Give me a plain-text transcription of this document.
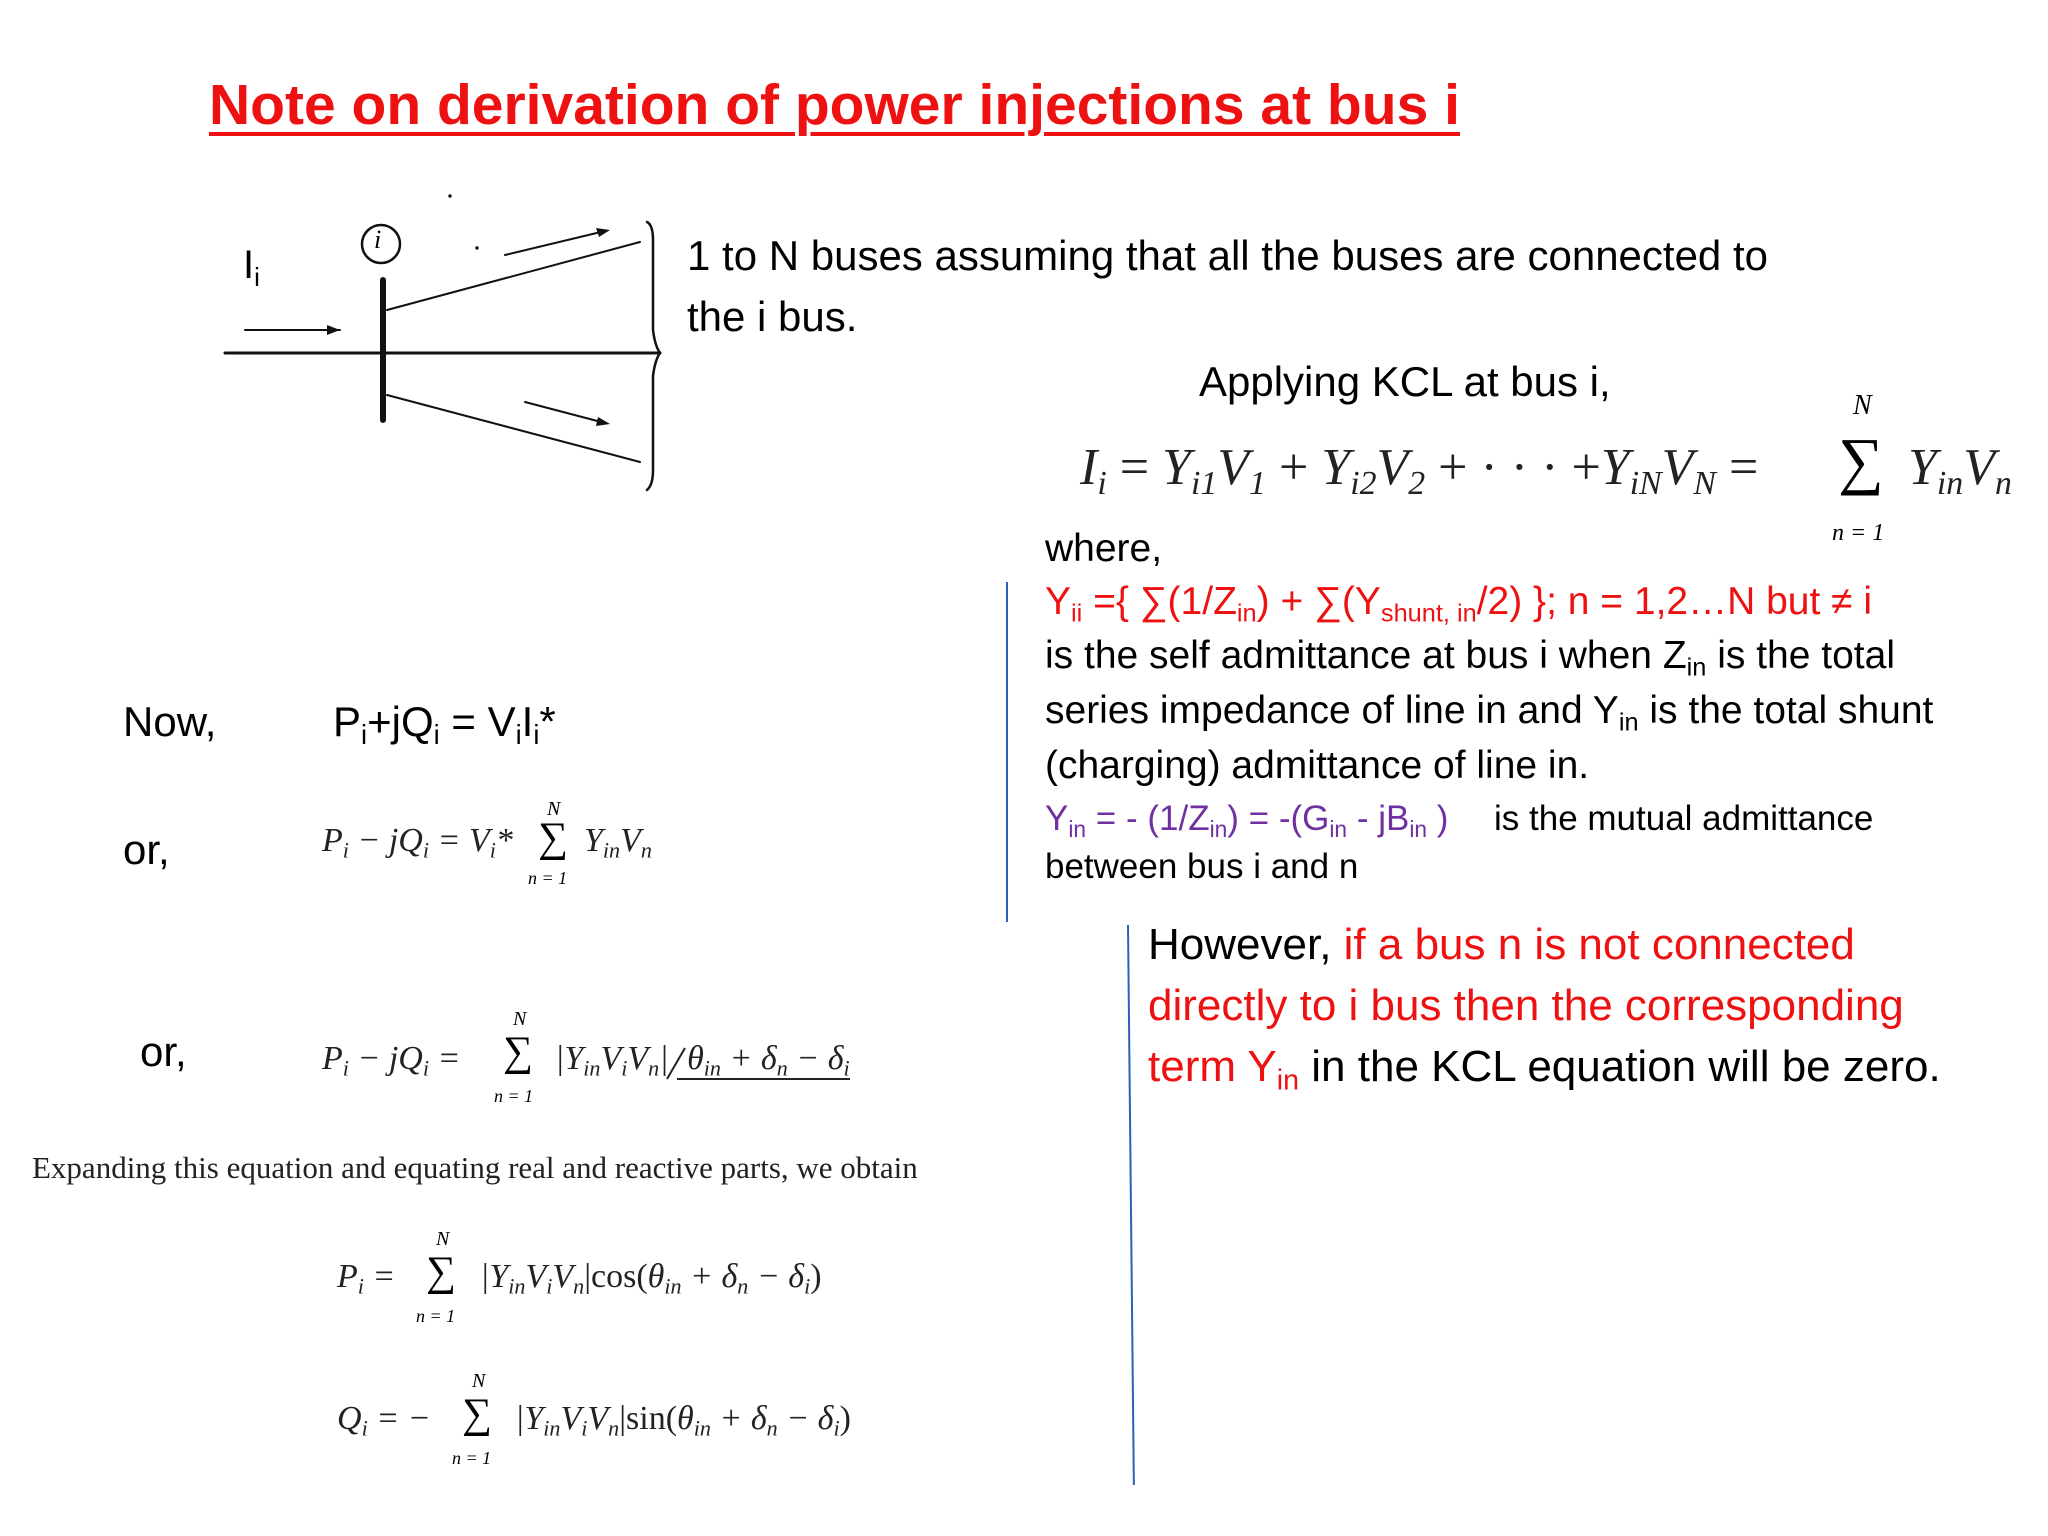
Note on derivation of power injections at bus i
$I_i$
i	1 to N buses assuming that all the buses are connected to
the i bus.
Applying KCL at bus i,
$I_i = Y_{i1}V_1 + Y_{i2}V_2$ + · · · $+Y_{iN}V_N$ =
N
∑
n = 1
$Y_{in}V_n$
where,
$Y_{ii}$ ={ $\sum(1/Z_{in}) + \sum(Y_{shunt, in}/2)$ }; n = 1,2…N but ≠ i
is the self admittance at bus i when $Z_{in}$ is the total
series impedance of line in and $Y_{in}$ is the total shunt
(charging) admittance of line in.
$Y_{in}$ = - $(1/Z_{in}) = -(G_{in} - jB_{in}$ ) is the mutual admittance
between bus i and n
Now,	$P_i+jQ_i = V_iI_i*$
or,	$P_i - jQ_i = V_i*$
N
∑
n = 1
$Y_{in}V_n$
or,	$P_i - jQ_i$ =
N
∑
n = 1
$|Y_{in}V_iV_n|$ $\theta_{in} + \delta_n - \delta_i$
Expanding this equation and equating real and reactive parts, we obtain
$P_i$ =
N
∑
n = 1
$|Y_{in}V_iV_n|\cos(\theta_{in} + \delta_n - \delta_i)$
$Q_i$ = −
N
∑
n = 1
$|Y_{in}V_iV_n|\sin(\theta_{in} + \delta_n - \delta_i)$
However, if a bus n is not connected
directly to i bus then the corresponding
term $Y_{in}$ in the KCL equation will be zero.
